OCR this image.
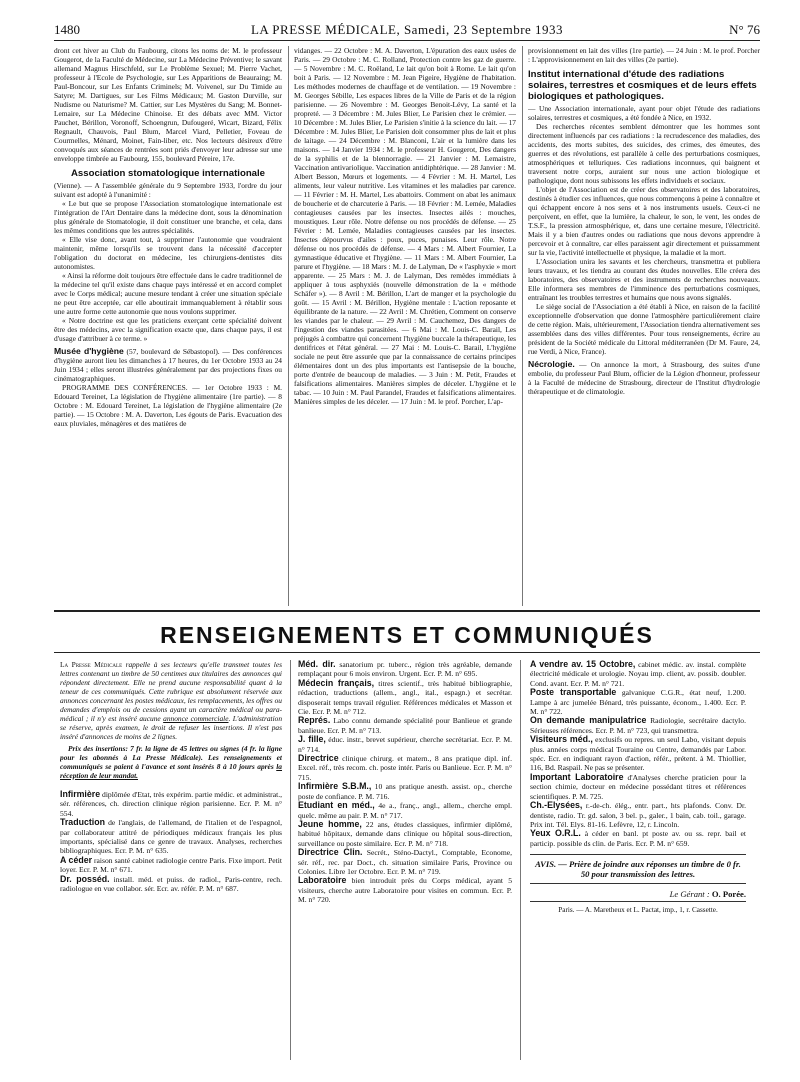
1480	LA PRESSE MÉDICALE, Samedi, 23 Septembre 1933	N° 76

dront cet hiver au Club du Faubourg, citons les noms de: M. le professeur Gougerot, de la Faculté de Médecine, sur La Médecine Préventive; le savant allemand Magnus Hirschfeld, sur Le Problème Sexuel; M. Pierre Vachet, professeur à l'Ecole de Psychologie, sur Les Apparitions de Beauraing; M. Paul-Boncour, sur Les Enfants Criminels; M. Voivenel, sur Du Timide au Satyre; M. Dartigues, sur Les Films Médicaux; M. Gaston Durville, sur Nudisme ou Naturisme? M. Cattier, sur Les Mystères du Sang; M. Bonnet-Lemaire, sur La Médecine Chinoise. Et des débats avec MM. Victor Pauchet, Bérillon, Voronoff, Schoengrun, Dufougeré, Wicart, Bizard, Félix Regnault, Chauvois, Paul Blum, Marcel Viard, Pelletier, Foveau de Courmelles, Ménard, Moinet, Fain-liber, etc. Nos lecteurs désireux d'être convoqués aux séances de rentrées sont priés d'envoyer leur adresse sur une enveloppe timbrée au Faubourg, 155, boulevard Péreire, 17e.

Association stomatologique internationale

(Vienne). — A l'assemblée générale du 9 Septembre 1933, l'ordre du jour suivant est adopté à l'unanimité :

« Le but que se propose l'Association stomatologique internationale est l'intégration de l'Art Dentaire dans la médecine dont, sous la dénomination plus générale de Stomatologie, il doit constituer une branche, et cela, dans les mêmes conditions que les autres spécialités.

« Elle vise donc, avant tout, à supprimer l'autonomie que voudraient maintenir, même lorsqu'ils se trouvent dans la nécessité d'accepter l'obligation du doctorat en médecine, les chirurgiens-dentistes dits autonomistes.

« Ainsi la réforme doit toujours être effectuée dans le cadre traditionnel de la médecine tel qu'il existe dans chaque pays intéressé et en accord complet avec le Corps médical; aucune mesure tendant à créer une situation spéciale ne peut être acceptée, car elle aboutirait immanquablement à rétablir sous une autre forme cette autonomie que nous voulons supprimer.

« Notre doctrine est que les praticiens exerçant cette spécialité doivent être des médecins, avec la signification exacte que, dans chaque pays, il est d'usage d'attribuer à ce terme. »

Musée d'hygiène (57, boulevard de Sébastopol). — Des conférences d'hygiène auront lieu les dimanches à 17 heures, du 1er Octobre 1933 au 24 Juin 1934 ; elles seront illustrées généralement par des projections fixes ou cinématographiques.

PROGRAMME DES CONFÉRENCES. — 1er Octobre 1933 : M. Edouard Tereinet, La législation de l'hygiène alimentaire (1re partie). — 8 Octobre : M. Edouard Tereinet, La législation de l'hygiène alimentaire (2e partie). — 15 Octobre : M. A. Daverton, Les égouts de Paris. Evacuation des eaux pluviales, ménagères et des matières de

vidanges. — 22 Octobre : M. A. Daverton, L'épuration des eaux usées de Paris. — 29 Octobre : M. C. Rolland, Protection contre les gaz de guerre. — 5 Novembre : M. C. Roëland, Le lait qu'on boit à Rome. Le lait qu'on boit à Paris. — 12 Novembre : M. Jean Pigeire, Hygiène de l'habitation. Les méthodes modernes de chauffage et de ventilation. — 19 Novembre : M. Georges Sébille, Les espaces libres de la Ville de Paris et de la région parisienne. — 26 Novembre : M. Georges Benoit-Lévy, La santé et la propreté. — 3 Décembre : M. Jules Blier, Le Parisien chez le crémier. — 10 Décembre : M. Jules Blier, Le Parisien s'initie à la science du lait. — 17 Décembre : M. Jules Blier, Le Parisien doit consommer plus de lait et plus de laitage. — 24 Décembre : M. Blanconi, L'air et la lumière dans les maisons. — 14 Janvier 1934 : M. le professeur H. Gougerot, Des dangers de la syphilis et de la blennorragie. — 21 Janvier : M. Lemaistre, Vaccination antivariolique. Vaccination antidiphtérique. — 28 Janvier : M. Albert Besson, Mœurs et logements. — 4 Février : M. H. Martel, Les aliments, leur valeur nutritive. Les vitamines et les maladies par carence. — 11 Février : M. H. Martel, Les abattoirs. Comment on abat les animaux de boucherie et de charcuterie à Paris. — 18 Février : M. Lemée, Maladies contagieuses causées par les insectes. Insectes ailés : mouches, moustiques. Leur rôle. Notre défense ou nos procédés de défense. — 25 Février : M. Lemée, Maladies contagieuses causées par les insectes. Insectes dépourvus d'ailes : poux, puces, punaises. Leur rôle. Notre défense ou nos procédés de défense. — 4 Mars : M. Albert Fournier, La gymnastique éducative et l'hygiène. — 11 Mars : M. Albert Fournier, La parure et l'hygiène. — 18 Mars : M. J. de Lalyman, De « l'asphyxie » mort apparente. — 25 Mars : M. J. de Lalyman, Des remèdes immédiats à appliquer à tous asphyxiés (nouvelle démonstration de la « méthode Schäfer »). — 8 Avril : M. Bérillon, L'art de manger et la psychologie du goût. — 15 Avril : M. Bérillon, Hygiène mentale : L'action reposante et équilibrante de la nature. — 22 Avril : M. Chrétien, Comment on conserve les viandes par le chaleur. — 29 Avril : M. Cauchemez, Des dangers de l'ingestion des viandes parasitées. — 6 Mai : M. Louis-C. Barail, Les préjugés à combattre qui concernent l'hygiène buccale la thérapeutique, les dentifrices et l'état général. — 27 Mai : M. Louis-C. Barail, L'hygiène sociale ne peut être assurée que par la connaissance de certains principes élémentaires dont un des plus importants est l'antisepsie de la bouche, porte d'entrée de beaucoup de maladies. — 3 Juin : M. Petit, Fraudes et falsifications alimentaires. Manières simples de déceler. L'hygiène et le tabac. — 10 Juin : M. Paul Parandel, Fraudes et falsifications alimentaires. Manières simples de les déceler. — 17 Juin : M. le prof. Porcher, L'ap-

provisionnement en lait des villes (1re partie). — 24 Juin : M. le prof. Porcher : L'approvisionnement en lait des villes (2e partie).

Institut international d'étude des radiations solaires, terrestres et cosmiques et de leurs effets biologiques et pathologiques.

— Une Association internationale, ayant pour objet l'étude des radiations solaires, terrestres et cosmiques, a été fondée à Nice, en 1932.

Des recherches récentes semblent démontrer que les hommes sont directement influencés par ces radiations : la recrudescence des maladies, des accidents, des morts subites, des suicides, des crimes, des émeutes, des guerres et des révolutions, est parallèle à celle des perturbations cosmiques, atmosphériques et telluriques. Ces radiations inconnues, qui baignent et traversent notre corps, auraient sur nous une action biologique et pathologique, dont nous subissons les effets individuels et sociaux.

L'objet de l'Association est de créer des observatoires et des laboratoires, destinés à étudier ces influences, que nous commençons à peine à connaître et qui échappent encore à nos sens et à nos instruments usuels. Ceux-ci ne perçoivent, en effet, que la lumière, la chaleur, le son, le vent, les ondes de T.S.F., la pression atmosphérique, et, dans une certaine mesure, l'électricité. Mais il y a bien d'autres ondes ou radiations que nous devons apprendre à percevoir et à connaître, car elles paraissent agir directement et puissamment sur la vie, l'activité intellectuelle et physique, la maladie et la mort.

L'Association unira les savants et les chercheurs, transmettra et publiera leurs travaux, et les tiendra au courant des études nouvelles. Elle créera des laboratoires, des observatoires et des instruments de recherches nouveaux. Elle informera ses membres de l'imminence des perturbations cosmiques, entraînant les troubles terrestres et humains que nous avons signalés.

Le siège social de l'Association a été établi à Nice, en raison de la facilité exceptionnelle d'observation que donne l'atmosphère particulièrement claire de cette région. Mais, ultérieurement, l'Association tiendra alternativement ses assemblées dans des villes différentes. Pour tous renseignements, écrire au président de la Société médicale du Littoral méditerranéen (Dr M. Faure, 24, rue Verdi, à Nice, France).

Nécrologie. — On annonce la mort, à Strasbourg, des suites d'une embolie, du professeur Paul Blum, officier de la Légion d'honneur, professeur à la Faculté de médecine de Strasbourg, directeur de l'Institut d'hydrologie thérapeutique et de climatologie.

RENSEIGNEMENTS ET COMMUNIQUÉS

La Presse Médicale rappelle à ses lecteurs qu'elle transmet toutes les lettres contenant un timbre de 50 centimes aux titulaires des annonces qui répondent directement. Elle ne prend aucune responsabilité quant à la teneur de ces communiqués. Cette rubrique est absolument réservée aux annonces concernant les postes médicaux, les remplacements, les offres ou demandes d'emplois ou de cessions ayant un caractère médical ou para-médical ; il n'y est inséré aucune annonce commerciale. L'administration se réserve, après examen, le droit de refuser les insertions. Il n'est pas inséré d'annonces de moins de 2 lignes.

Prix des insertions: 7 fr. la ligne de 45 lettres ou signes (4 fr. la ligne pour les abonnés à La Presse Médicale). Les renseignements et communiqués se paient à l'avance et sont insérés 8 à 10 jours après la réception de leur mandat.

Infirmière diplômée d'Etat, très expérim. partie médic. et administrat., sér. références, ch. direction clinique région parisienne. Ecr. P. M. n° 554.

Traduction de l'anglais, de l'allemand, de l'italien et de l'espagnol, par collaborateur attitré de périodiques médicaux français les plus importants, spécialisé dans ce genre de travaux. Analyses, recherches bibliographiques. Ecr. P. M. n° 635.

A céder raison santé cabinet radiologie centre Paris. Fixe import. Petit loyer. Ecr. P. M. n° 671.

Dr. posséd. install. méd. et puiss. de radiol., Paris-centre, rech. radiologue en vue collabor. sér. Ecr. av. référ. P. M. n° 687.

Méd. dir. sanatorium pr. tuberc., région très agréable, demande remplaçant pour 6 mois environ. Urgent. Ecr. P. M. n° 695.

Médecin français, titres scientif., très habitué bibliographie, rédaction, traductions (allem., angl., ital., espagn.) et secrétar. disposerait temps travail régulier. Références médicales et Masson et Cie. Ecr. P. M. n° 712.

Représ. Labo connu demande spécialité pour Banlieue et grande banlieue. Ecr. P. M. n° 713.

J. fille, éduc. instr., brevet supérieur, cherche secrétariat. Ecr. P. M. n° 714.

Directrice clinique chirurg. et matern., 8 ans pratique dipl. inf. Excel. réf., très recom. ch. poste intér. Paris ou Banlieue. Ecr. P. M. n° 715.

Infirmière S.B.M., 10 ans pratique anesth. assist. op., cherche poste de confiance. P. M. 716.

Etudiant en méd., 4e a., franç., angl., allem., cherche empl. quelc. même au pair. P. M. n° 717.

Jeune homme, 22 ans, études classiques, infirmier diplômé, habitué hôpitaux, demande dans clinique ou hôpital sous-direction, surveillance ou poste similaire. Ecr. P. M. n° 718.

Directrice Clin. Secrét., Sténo-Dactyl., Comptable, Econome, sér. réf., rec. par Doct., ch. situation similaire Paris, Province ou Colonies. Libre 1er Octobre. Ecr. P. M. n° 719.

Laboratoire bien introduit près du Corps médical, ayant 5 visiteurs, cherche autre Laboratoire pour visites en commun. Ecr. P. M. n° 720.

A vendre av. 15 Octobre, cabinet médic. av. instal. complète électricité médicale et urologie. Noyau imp. client, av. possib. doubler. Cond. avant. Ecr. P. M. n° 721.

Poste transportable galvanique C.G.R., état neuf, 1.200. Lampe à arc jumelée Bénard, très puissante, économ., 1.400. Ecr. P. M. n° 722.

On demande manipulatrice Radiologie, secrétaire dactylo. Sérieuses références. Ecr. P. M. n° 723, qui transmettra.

Visiteurs méd., exclusifs ou repres. un seul Labo, visitant depuis plus. années corps médical Touraine ou Centre, demandés par Labor. spéc. Ecr. en indiquant rayon d'action, référ., prétent. à M. Thiollier, 116, Bd. Raspail. Ne pas se présenter.

Important Laboratoire d'Analyses cherche praticien pour la section chimie, docteur en médecine possédant titres et références scientifiques. P. M. 725.

Ch.-Elysées, r.-de-ch. élég., entr. part., hts plafonds. Conv. Dr. dentiste, radio. Tr. gd. salon, 3 bel. p., galer., 1 bain, cab. toil., garage. Prix int. Tél. Elys. 81-16. Lefèvre, 12, r. Lincoln.

Yeux O.R.L. à céder en banl. pt poste av. ou ss. repr. bail et particip. possible ds clin. de Paris. Ecr. P. M. n° 659.

AVIS. — Prière de joindre aux réponses un timbre de 0 fr. 50 pour transmission des lettres.
Le Gérant : O. Porée.
Paris. — A. Maretheux et L. Pactat, imp., 1, r. Cassette.
